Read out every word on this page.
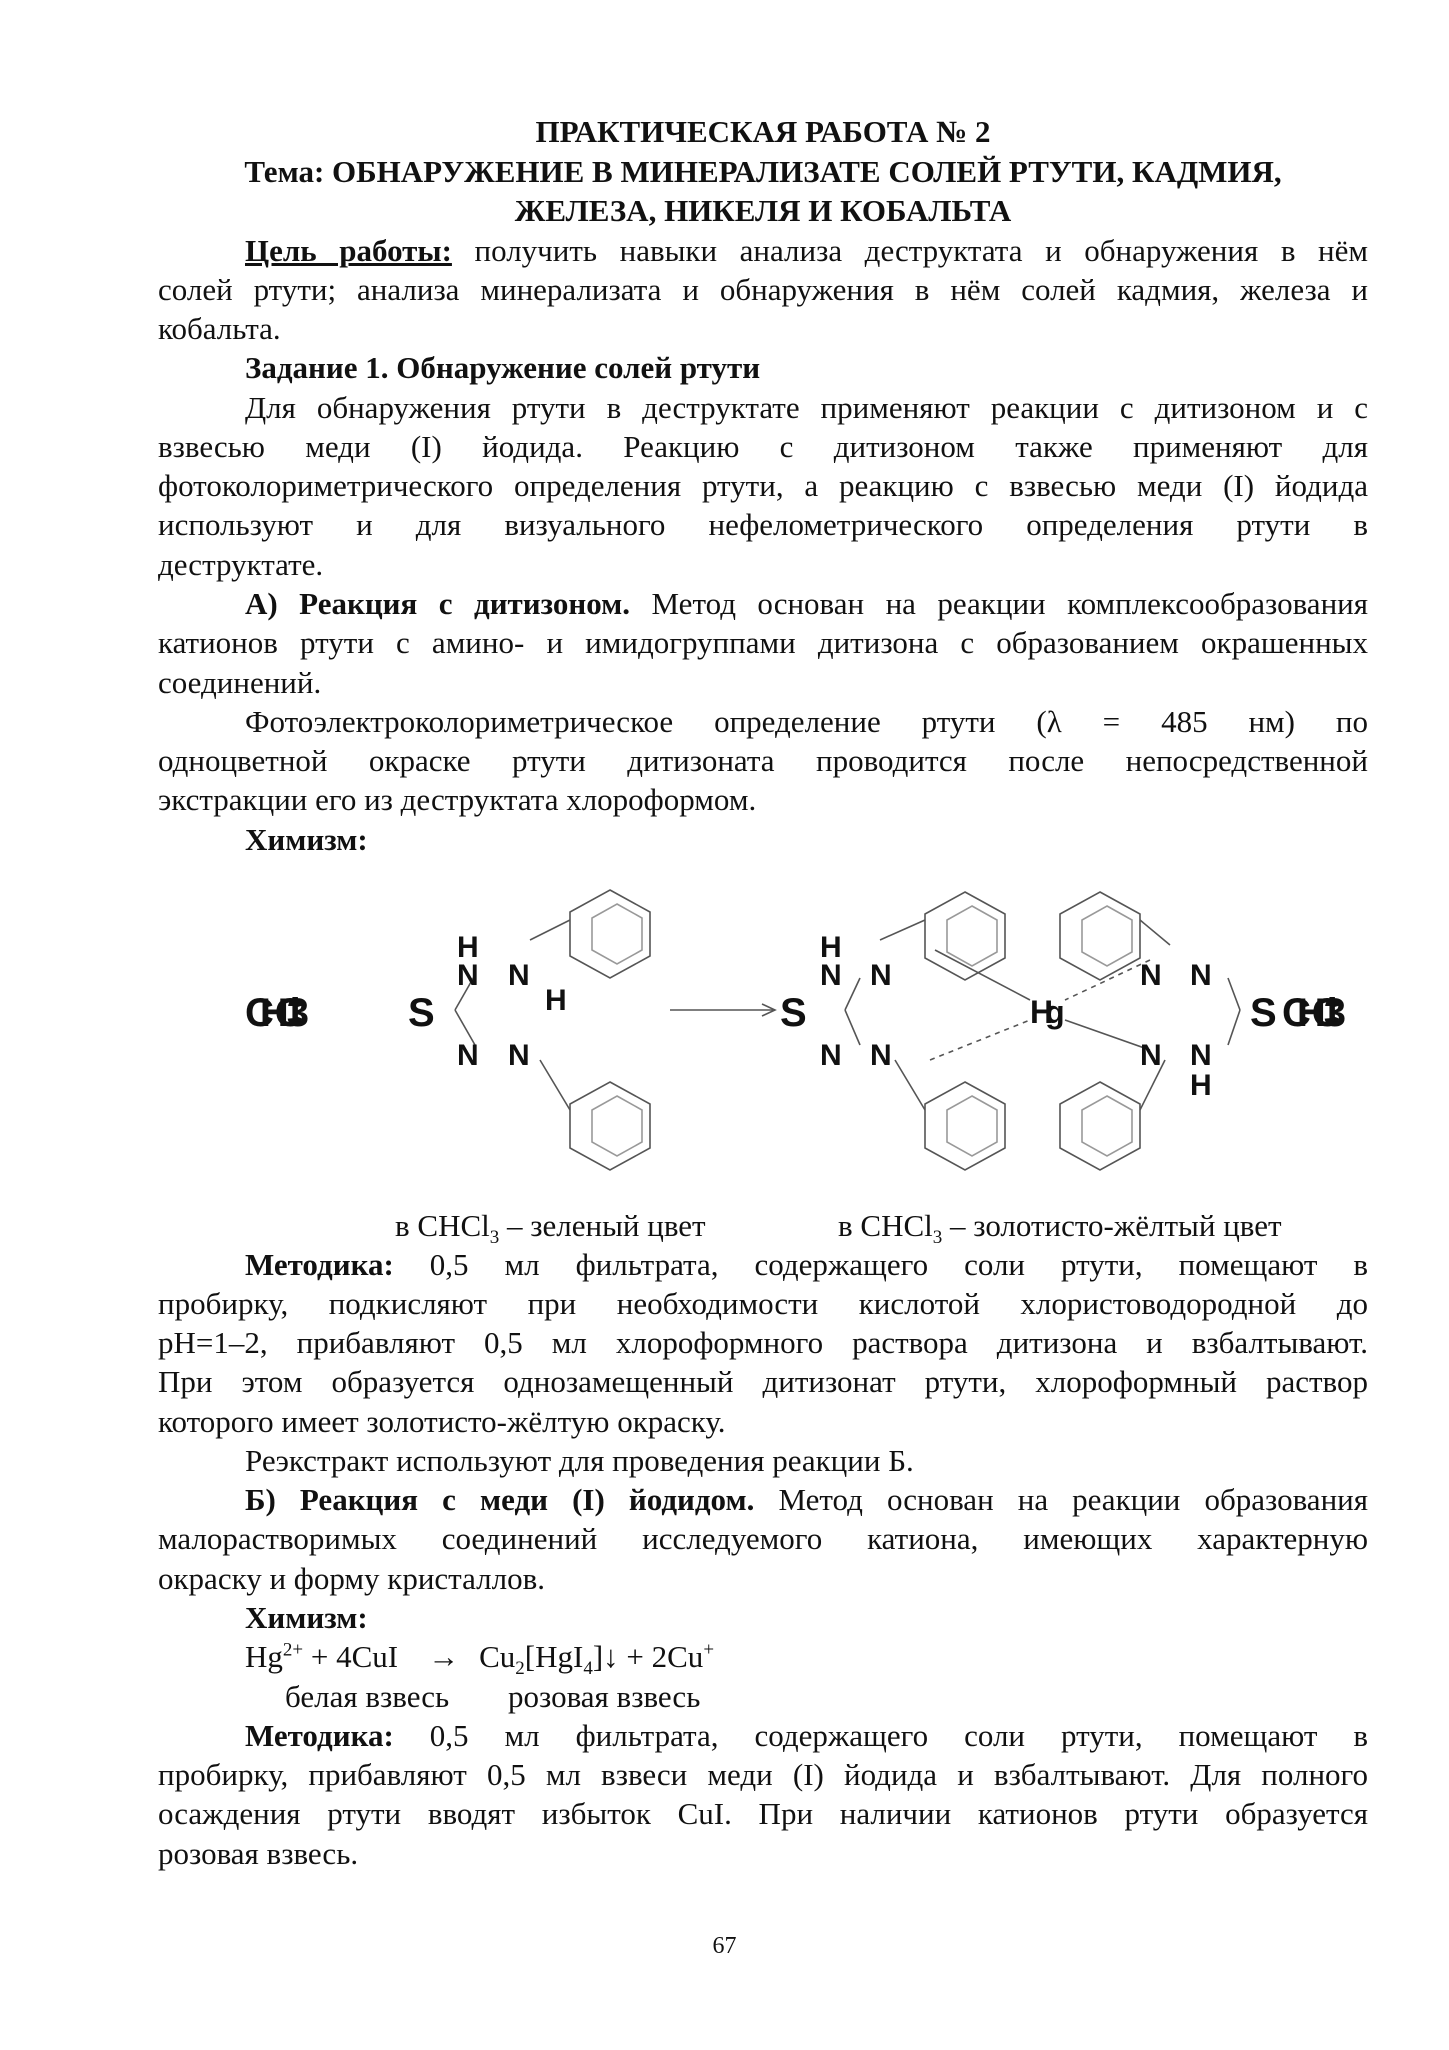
ПРАКТИЧЕСКАЯ РАБОТА № 2
Тема: ОБНАРУЖЕНИЕ В МИНЕРАЛИЗАТЕ СОЛЕЙ РТУТИ, КАДМИЯ,
ЖЕЛЕЗА, НИКЕЛЯ И КОБАЛЬТА
Цель работы: получить навыки анализа деструктата и обнаружения в нём
солей ртути; анализа минерализата и обнаружения в нём солей кадмия, железа и
кобальта.
Задание 1. Обнаружение солей ртути
Для обнаружения ртути в деструктате применяют реакции с дитизоном и с
взвесью меди (I) йодида. Реакцию с дитизоном также применяют для
фотоколориметрического определения ртути, а реакцию с взвесью меди (I) йодида
используют и для визуального нефелометрического определения ртути в
деструктате.
А) Реакция с дитизоном. Метод основан на реакции комплексообразования
катионов ртути с амино- и имидогруппами дитизона с образованием окрашенных
соединений.
Фотоэлектроколориметрическое определение ртути (λ = 485 нм) по
одноцветной окраске ртути дитизоната проводится после непосредственной
экстракции его из деструктата хлороформом.
Химизм:
CHCl3	S
H
N N
H
N N
S
H
N N
N N
Hg
N N
N N
H
S CHCl3
в CHCl$_3$ – зеленый цвет	в CHCl$_3$ – золотисто-жёлтый цвет
Методика: 0,5 мл фильтрата, содержащего соли ртути, помещают в
пробирку, подкисляют при необходимости кислотой хлористоводородной до
pH=1–2, прибавляют 0,5 мл хлороформного раствора дитизона и взбалтывают.
При этом образуется однозамещенный дитизонат ртути, хлороформный раствор
которого имеет золотисто-жёлтую окраску.
Реэкстракт используют для проведения реакции Б.
Б) Реакция с меди (I) йодидом. Метод основан на реакции образования
малорастворимых соединений исследуемого катиона, имеющих характерную
окраску и форму кристаллов.
Химизм:
$Hg^{2+} + 4CuI$ → $Cu_2[HgI_4]↓ + 2Cu^+$
белая взвесь розовая взвесь
Методика: 0,5 мл фильтрата, содержащего соли ртути, помещают в
пробирку, прибавляют 0,5 мл взвеси меди (I) йодида и взбалтывают. Для полного
осаждения ртути вводят избыток CuI. При наличии катионов ртути образуется
розовая взвесь.
67
